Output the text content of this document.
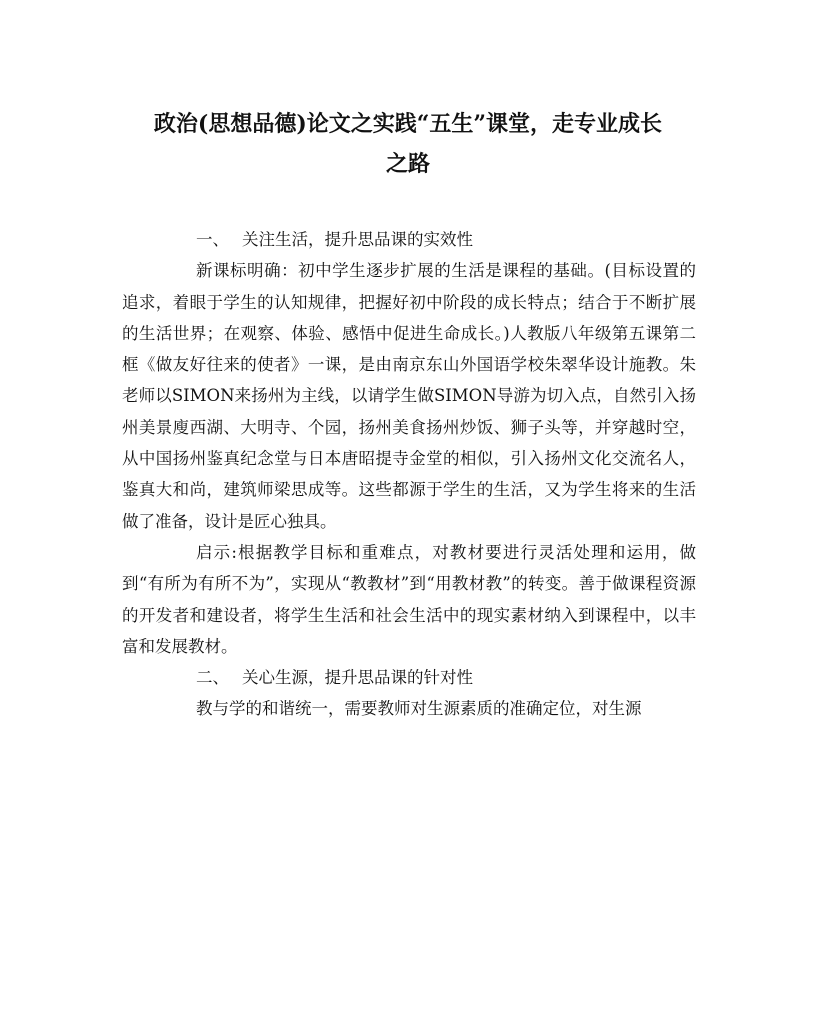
政治(思想品德)论文之实践“五生”课堂，走专业成长
之路

一、 关注生活，提升思品课的实效性

新课标明确：初中学生逐步扩展的生活是课程的基础。(目标设置的追求，着眼于学生的认知规律，把握好初中阶段的成长特点；结合于不断扩展的生活世界；在观察、体验、感悟中促进生命成长。)人教版八年级第五课第二框《做友好往来的使者》一课，是由南京东山外国语学校朱翠华设计施教。朱老师以SIMON来扬州为主线，以请学生做SIMON导游为切入点，自然引入扬州美景廋西湖、大明寺、个园，扬州美食扬州炒饭、狮子头等，并穿越时空，从中国扬州鉴真纪念堂与日本唐昭提寺金堂的相似，引入扬州文化交流名人，鉴真大和尚，建筑师梁思成等。这些都源于学生的生活，又为学生将来的生活做了准备，设计是匠心独具。

启示:根据教学目标和重难点，对教材要进行灵活处理和运用，做到“有所为有所不为”，实现从“教教材”到“用教材教”的转变。善于做课程资源的开发者和建设者，将学生生活和社会生活中的现实素材纳入到课程中，以丰富和发展教材。

二、 关心生源，提升思品课的针对性

教与学的和谐统一，需要教师对生源素质的准确定位，对生源
